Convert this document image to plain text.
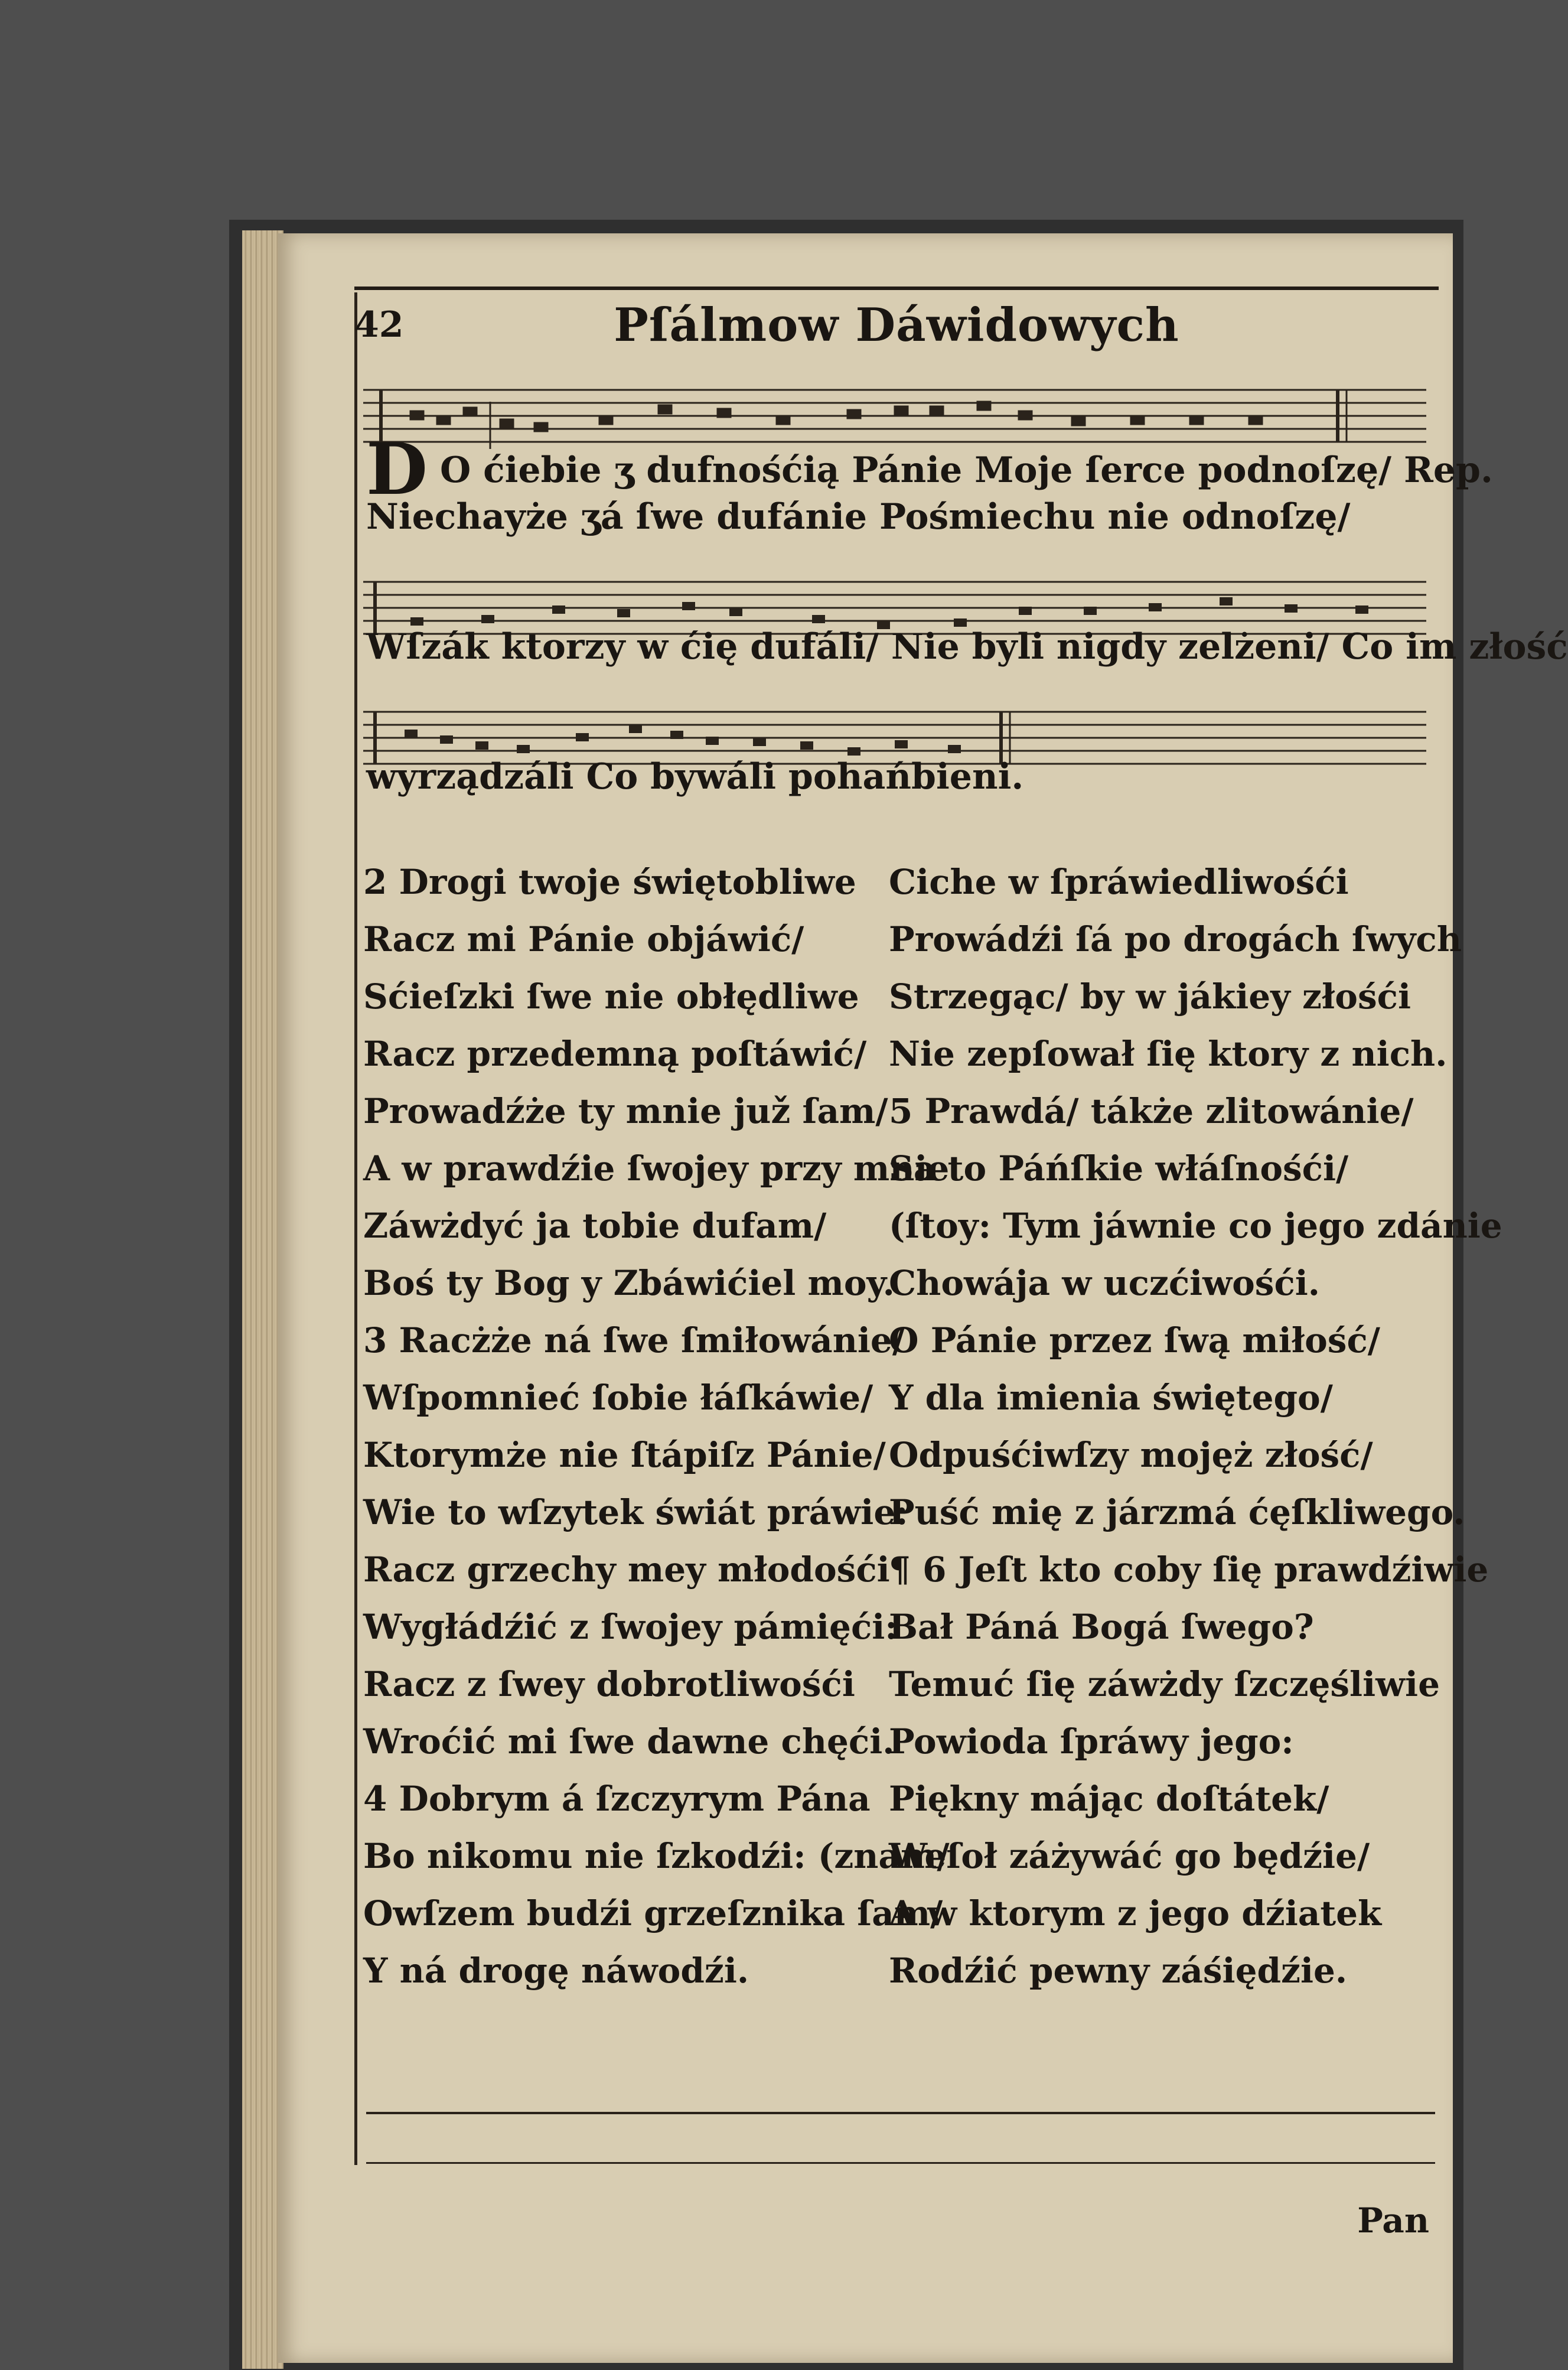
42	Pſálmow Dáwidowych
D O ćiebie ʒ dufnośćią Pánie Moje ſerce podnoſzę/ Rep.
Niechayże ʒá ſwe dufánie Pośmiechu nie odnoſzę/
Wſzák ktorzy w ćię dufáli/ Nie byli nigdy zelżeni/ Co im złość
wyrządzáli Co bywáli pohańbieni.
2 Drogi twoje świętobliwe
Racz mi Pánie objáwić/
Sćieſzki ſwe nie obłędliwe
Racz przedemną poſtáwić/
Prowadźże ty mnie juž ſam/
A w prawdźie ſwojey przy mnie
Záwżdyć ja tobie dufam/
Boś ty Bog y Zbáwićiel moy.
3 Racżże ná ſwe ſmiłowánie/
Wſpomnieć ſobie łáſkáwie/
Ktorymże nie ſtápiſz Pánie/
Wie to wſzytek świát práwie:
Racz grzechy mey młodośći
Wygłádźić z ſwojey pámięći:
Racz z ſwey dobrotliwośći
Wroćić mi ſwe dawne chęći.
4 Dobrym á ſzczyrym Pána
Bo nikomu nie ſzkodźi: (znam/
Owſzem budźi grzeſznika ſam/
Y ná drogę náwodźi.
Ciche w ſpráwiedliwośći
Prowádźi ſá po drogách ſwych
Strzegąc/ by w jákiey złośći
Nie zepſował ſię ktory z nich.
5 Prawdá/ tákże zlitowánie/
Sa to Páńſkie włáſnośći/
(ſtoy: Tym jáwnie co jego zdánie
Chowája w uczćiwośći.
O Pánie przez ſwą miłość/
Y dla imienia świętego/
Odpuśćiwſzy mojęż złość/
Puść mię z járzmá ćęſkliwego.
¶ 6 Jeſt kto coby ſię prawdźiwie
Bał Páná Bogá ſwego?
Temuć ſię záwżdy ſzczęśliwie
Powioda ſpráwy jego:
Piękny májąc doſtátek/
Weſoł záżywáć go będźie/
A w ktorym z jego dźiatek
Rodźić pewny záśiędźie.
Pan
